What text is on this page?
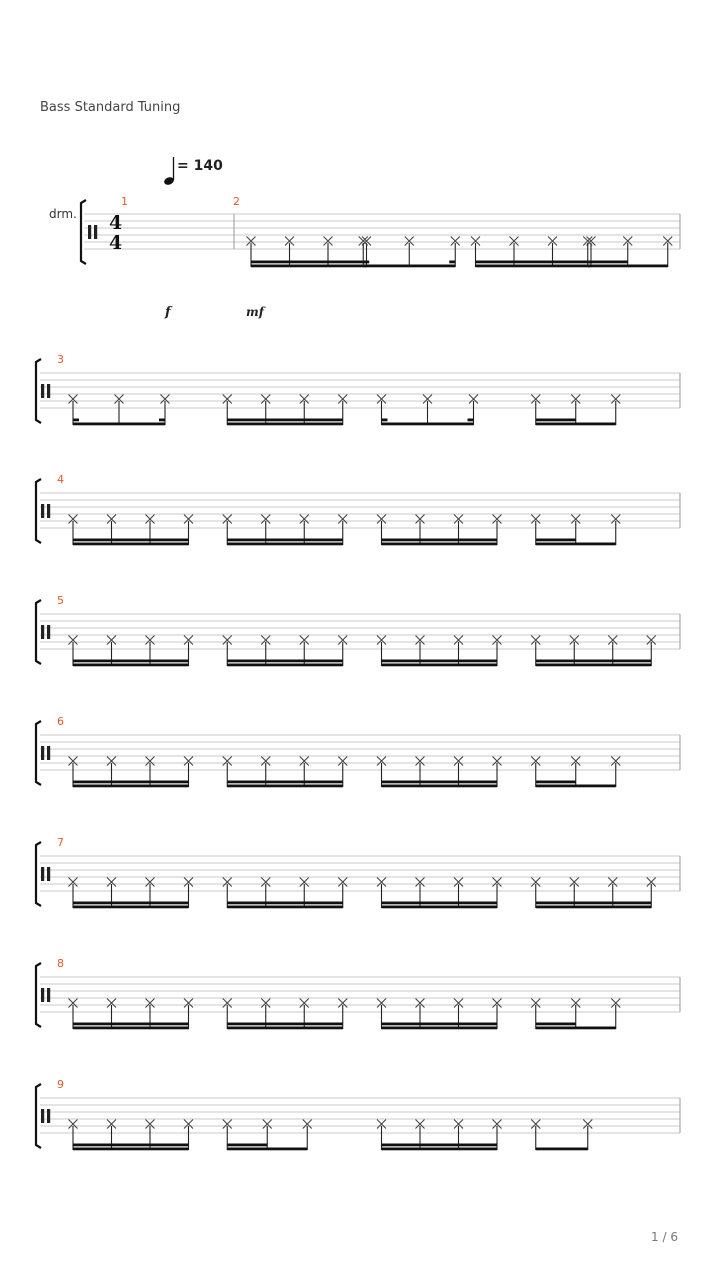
Bass Standard Tuning
= 140
drm.
f	mf
4
4
1	2
3
4
5
6
7
8
9
1 / 6
